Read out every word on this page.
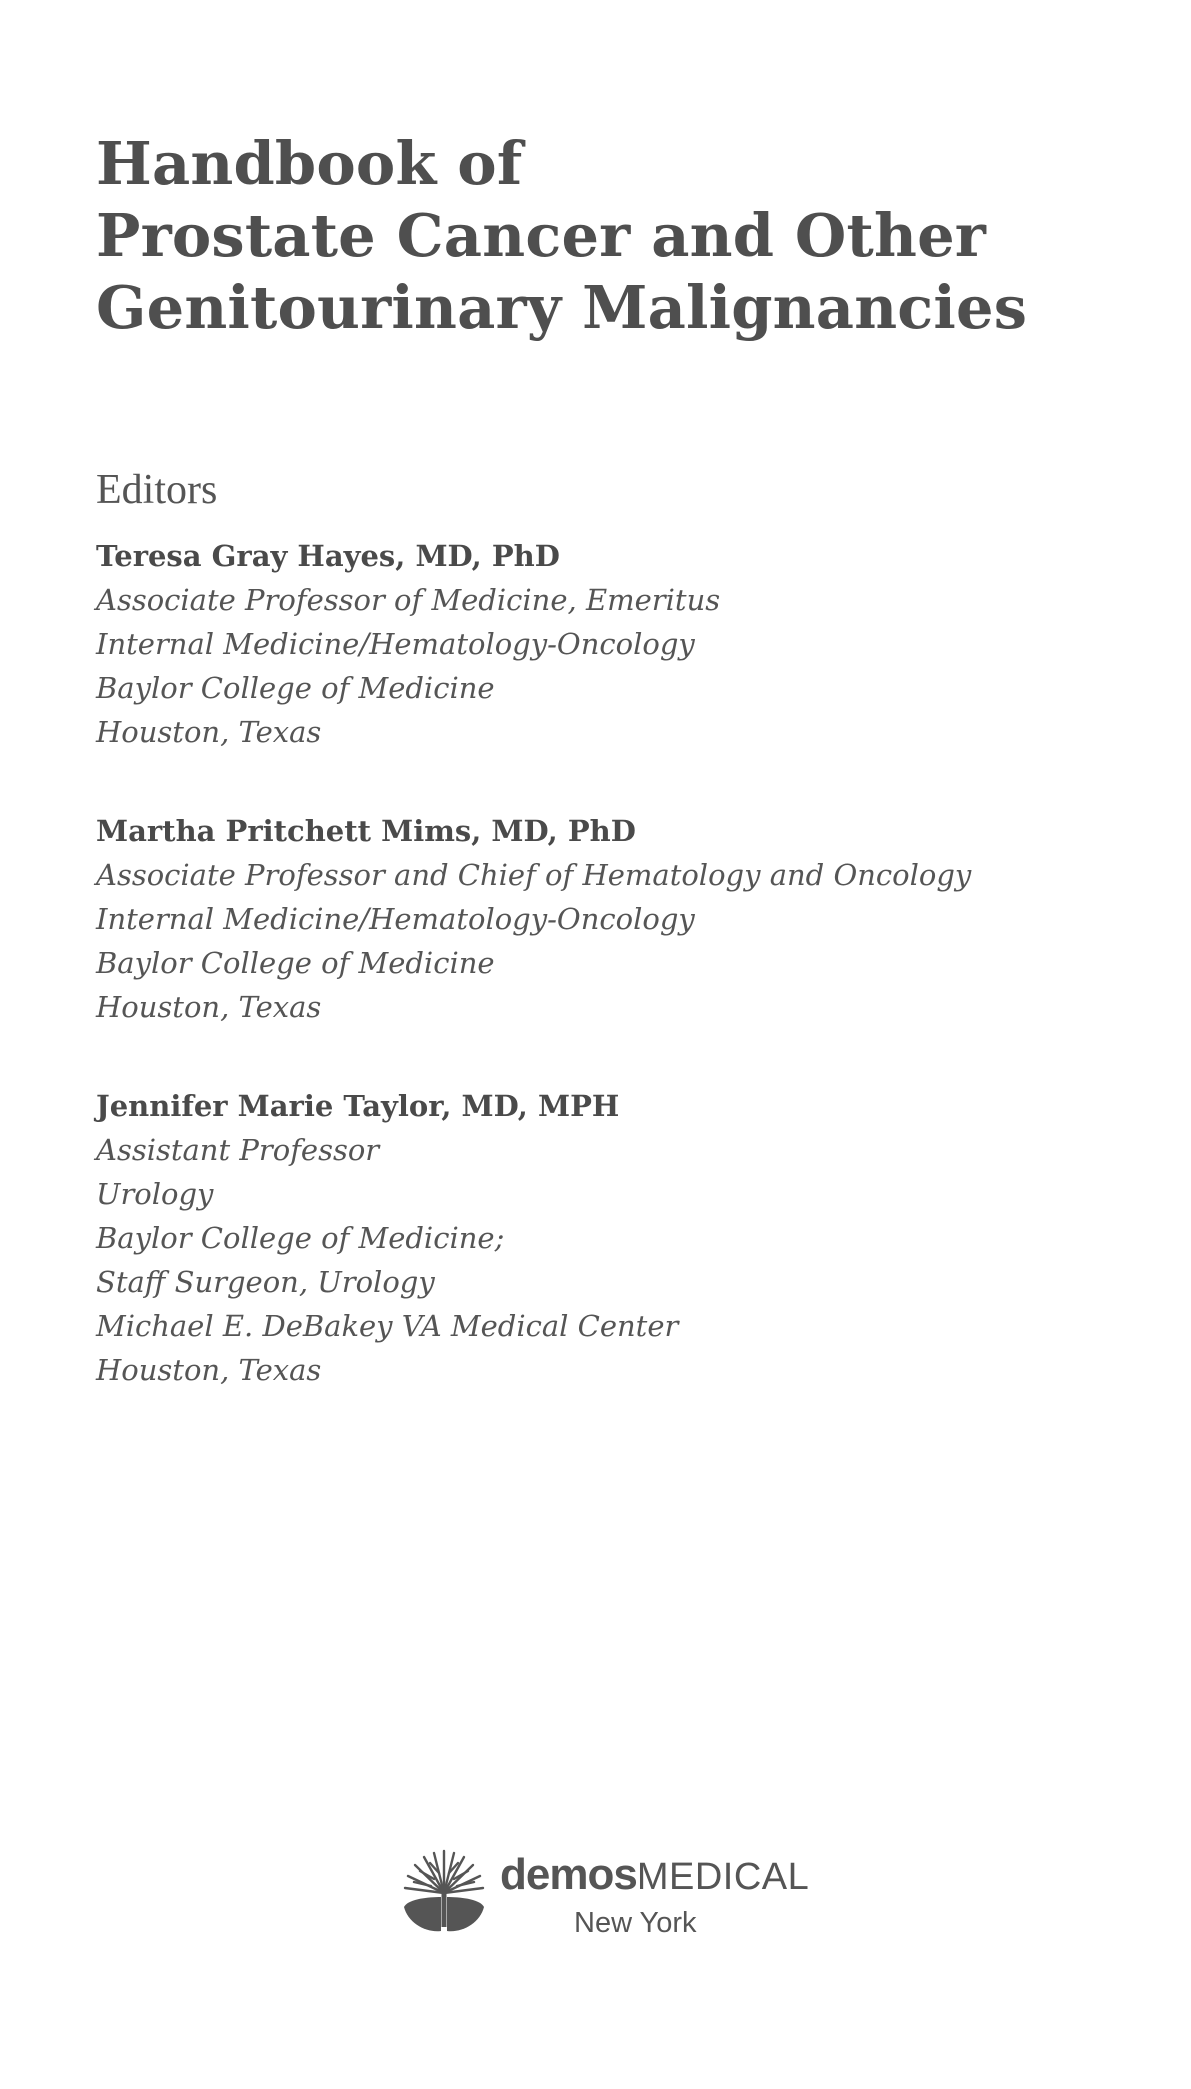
Handbook of
Prostate Cancer and Other
Genitourinary Malignancies
Editors
Teresa Gray Hayes, MD, PhD
Associate Professor of Medicine, Emeritus
Internal Medicine/Hematology-Oncology
Baylor College of Medicine
Houston, Texas
Martha Pritchett Mims, MD, PhD
Associate Professor and Chief of Hematology and Oncology
Internal Medicine/Hematology-Oncology
Baylor College of Medicine
Houston, Texas
Jennifer Marie Taylor, MD, MPH
Assistant Professor
Urology
Baylor College of Medicine;
Staff Surgeon, Urology
Michael E. DeBakey VA Medical Center
Houston, Texas
demosMEDICAL
New York
